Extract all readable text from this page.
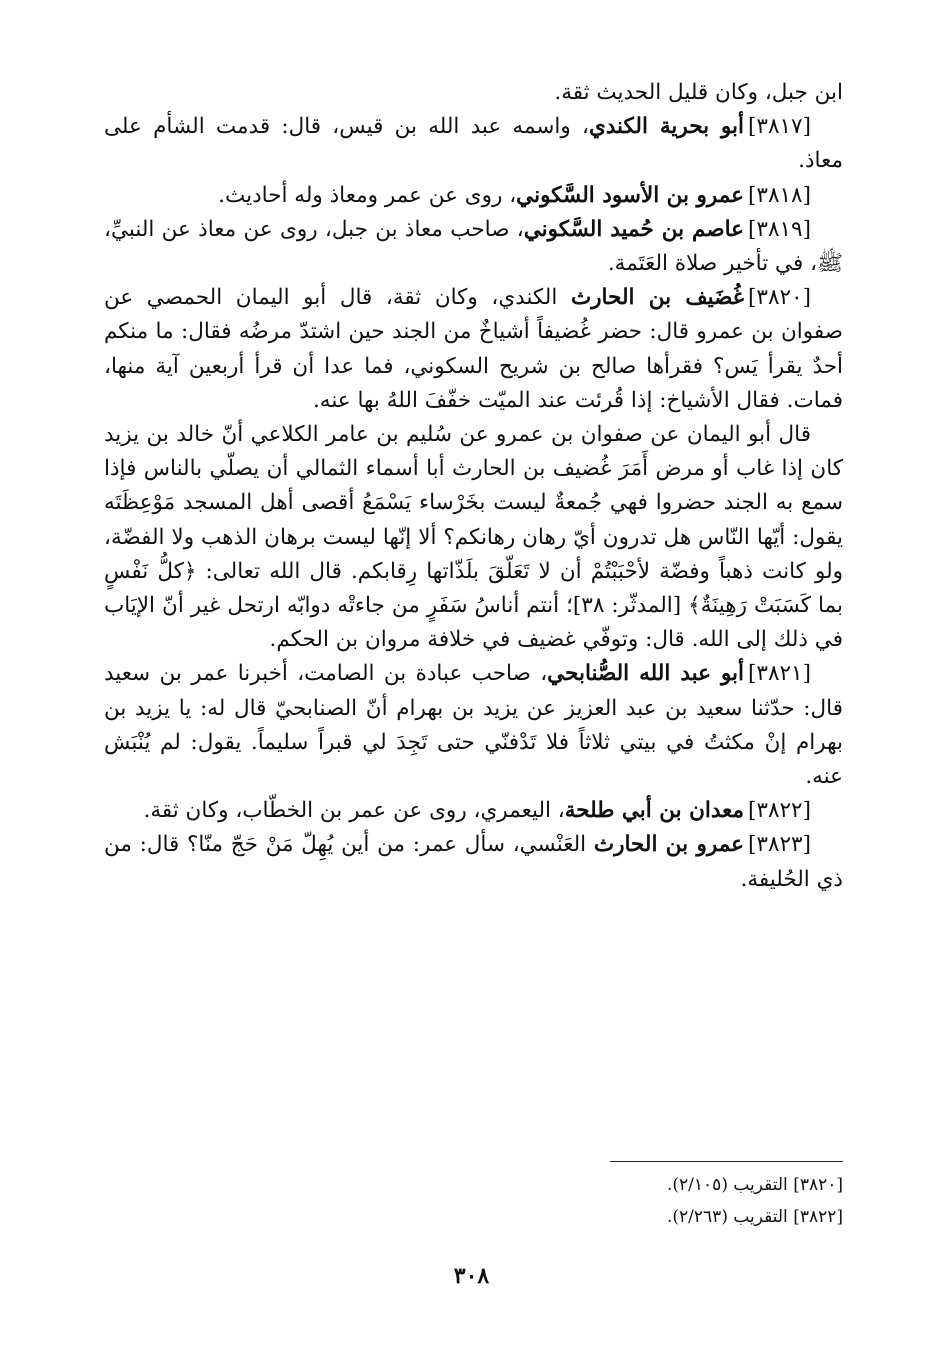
ابن جبل، وكان قليل الحديث ثقة.

[٣٨١٧]أبو بحرية الكندي، واسمه عبد الله بن قيس، قال: قدمت الشأم على معاذ.

[٣٨١٨]عمرو بن الأسود السَّكوني، روى عن عمر ومعاذ وله أحاديث.

[٣٨١٩]عاصم بن حُميد السَّكوني، صاحب معاذ بن جبل، روى عن معاذ عن النبيِّ، ﷺ، في تأخير صلاة العَتَمة.

[٣٨٢٠]غُضَيف بن الحارث الكندي، وكان ثقة، قال أبو اليمان الحمصي عن صفوان بن عمرو قال: حضر غُضيفاً أشياخٌ من الجند حين اشتدّ مرضُه فقال: ما منكم أحدٌ يقرأ يَس؟ فقرأها صالح بن شريح السكوني، فما عدا أن قرأ أربعين آية منها، فمات. فقال الأشياخ: إذا قُرئت عند الميّت خفّفَ اللهُ بها عنه.

قال أبو اليمان عن صفوان بن عمرو عن سُليم بن عامر الكلاعي أنّ خالد بن يزيد كان إذا غاب أو مرض أَمَرَ غُضيف بن الحارث أبا أسماء الثمالي أن يصلّي بالناس فإذا سمع به الجند حضروا فهي جُمعةٌ ليست بخَرْساء يَسْمَعُ أقصى أهل المسجد مَوْعِظَتَه يقول: أيّها النّاس هل تدرون أيّ رهان رهانكم؟ ألا إنّها ليست برهان الذهب ولا الفضّة، ولو كانت ذهباً وفضّة لأحْبَبْتُمْ أن لا تَعَلّقَ بلَذّاتها رِقابكم. قال الله تعالى: ﴿كلُّ نَفْسٍ بما كَسَبَتْ رَهِينَةٌ﴾ [المدثّر: ٣٨]؛ أنتم أناسُ سَفَرٍ من جاءتْه دوابّه ارتحل غير أنّ الإيَاب في ذلك إلى الله. قال: وتوفّي غضيف في خلافة مروان بن الحكم.

[٣٨٢١]أبو عبد الله الصُّنابحي، صاحب عبادة بن الصامت، أخبرنا عمر بن سعيد قال: حدّثنا سعيد بن عبد العزيز عن يزيد بن بهرام أنّ الصنابحيّ قال له: يا يزيد بن بهرام إنْ مكثتُ في بيتي ثلاثاً فلا تَدْفنّي حتى تَجِدَ لي قبراً سليماً. يقول: لم يُنْبَش عنه.

[٣٨٢٢]معدان بن أبي طلحة، اليعمري، روى عن عمر بن الخطّاب، وكان ثقة.

[٣٨٢٣]عمرو بن الحارث العَنْسي، سأل عمر: من أين يُهِلّ مَنْ حَجّ منّا؟ قال: من ذي الحُليفة.

[٣٨٢٠] التقريب (٢/١٠٥).
[٣٨٢٢] التقريب (٢/٢٦٣).
٣٠٨
